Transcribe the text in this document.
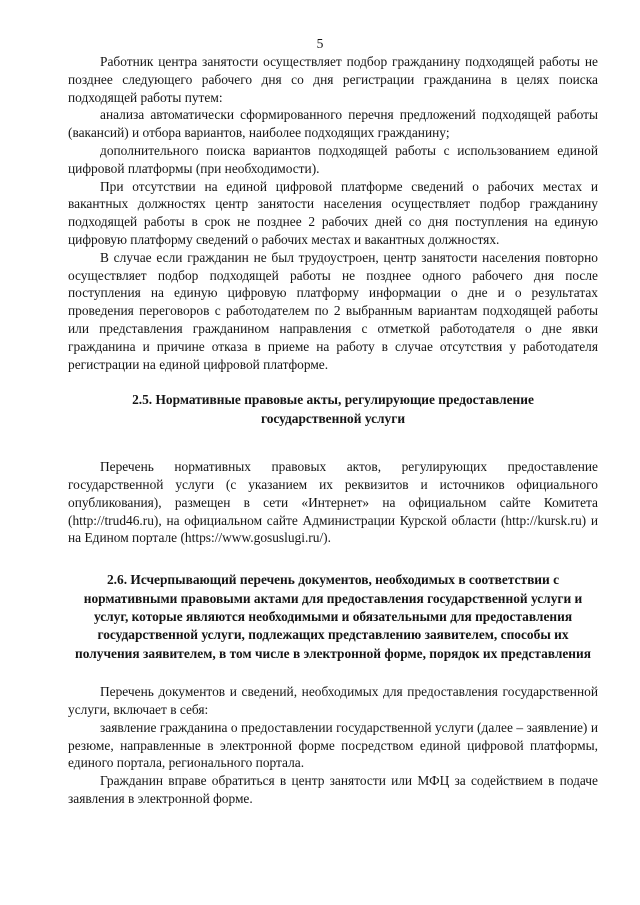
5

Работник центра занятости осуществляет подбор гражданину подходящей работы не позднее следующего рабочего дня со дня регистрации гражданина в целях поиска подходящей работы путем:

анализа автоматически сформированного перечня предложений подходящей работы (вакансий) и отбора вариантов, наиболее подходящих гражданину;

дополнительного поиска вариантов подходящей работы с использованием единой цифровой платформы (при необходимости).

При отсутствии на единой цифровой платформе сведений о рабочих местах и вакантных должностях центр занятости населения осуществляет подбор гражданину подходящей работы в срок не позднее 2 рабочих дней со дня поступления на единую цифровую платформу сведений о рабочих местах и вакантных должностях.

В случае если гражданин не был трудоустроен, центр занятости населения повторно осуществляет подбор подходящей работы не позднее одного рабочего дня после поступления на единую цифровую платформу информации о дне и о результатах проведения переговоров с работодателем по 2 выбранным вариантам подходящей работы или представления гражданином направления с отметкой работодателя о дне явки гражданина и причине отказа в приеме на работу в случае отсутствия у работодателя регистрации на единой цифровой платформе.

2.5. Нормативные правовые акты, регулирующие предоставление
государственной услуги

Перечень нормативных правовых актов, регулирующих предоставление государственной услуги (с указанием их реквизитов и источников официального опубликования), размещен в сети «Интернет» на официальном сайте Комитета (http://trud46.ru), на официальном сайте Администрации Курской области (http://kursk.ru) и на Едином портале (https://www.gosuslugi.ru/).

2.6. Исчерпывающий перечень документов, необходимых в соответствии с нормативными правовыми актами для предоставления государственной услуги и услуг, которые являются необходимыми и обязательными для предоставления государственной услуги, подлежащих представлению заявителем, способы их получения заявителем, в том числе в электронной форме, порядок их представления

Перечень документов и сведений, необходимых для предоставления государственной услуги, включает в себя:

заявление гражданина о предоставлении государственной услуги (далее – заявление) и резюме, направленные в электронной форме посредством единой цифровой платформы, единого портала, регионального портала.

Гражданин вправе обратиться в центр занятости или МФЦ за содействием в подаче заявления в электронной форме.
